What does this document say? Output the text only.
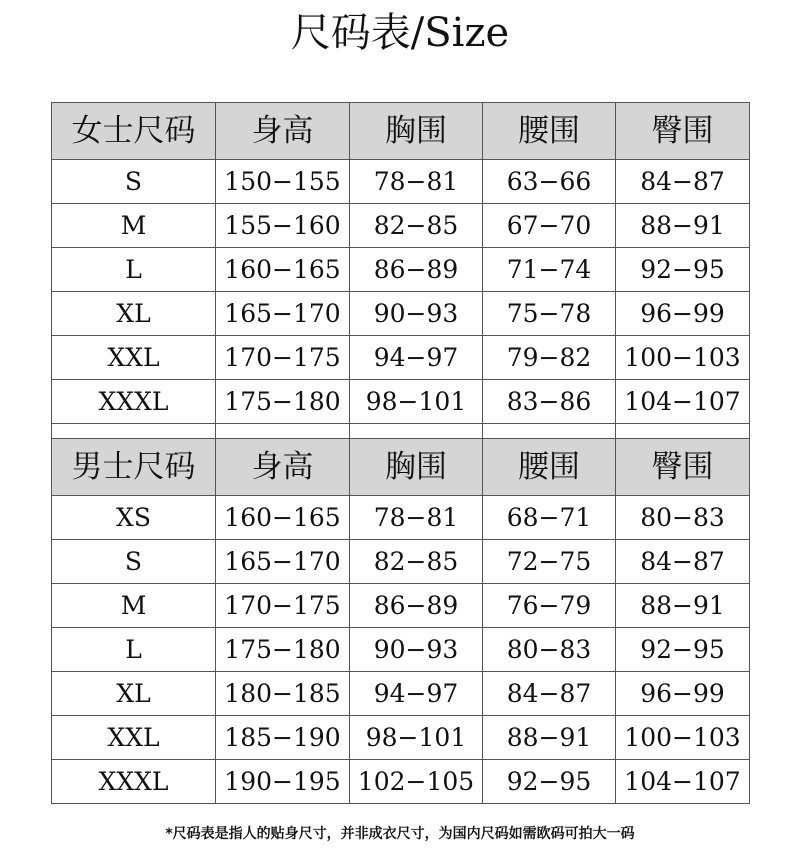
尺码表/Size
女士尺码	身高	胸围	腰围	臀围
S	150−155	78−81	63−66	84−87
M	155−160	82−85	67−70	88−91
L	160−165	86−89	71−74	92−95
XL	165−170	90−93	75−78	96−99
XXL	170−175	94−97	79−82	100−103
XXXL	175−180	98−101	83−86	104−107

男士尺码	身高	胸围	腰围	臀围
XS	160−165	78−81	68−71	80−83
S	165−170	82−85	72−75	84−87
M	170−175	86−89	76−79	88−91
L	175−180	90−93	80−83	92−95
XL	180−185	94−97	84−87	96−99
XXL	185−190	98−101	88−91	100−103
XXXL	190−195	102−105	92−95	104−107
*尺码表是指人的贴身尺寸，并非成衣尺寸，为国内尺码如需欧码可拍大一码
